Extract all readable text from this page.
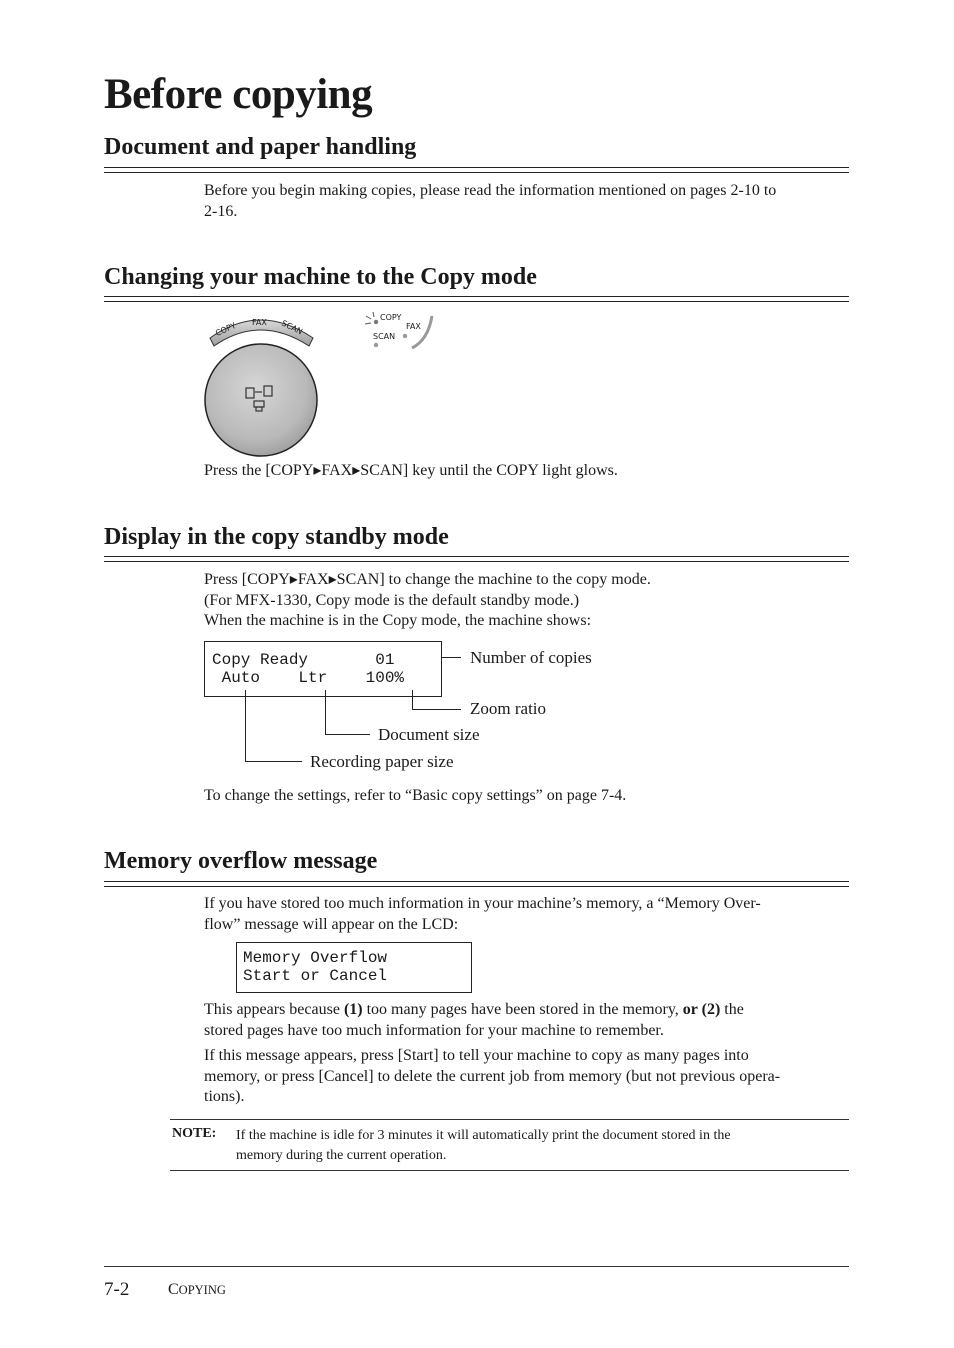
Before copying
Document and paper handling
Before you begin making copies, please read the information mentioned on pages 2-10 to
2-16.
Changing your machine to the Copy mode
COPY FAX SCAN
COPY
FAX
SCAN
Press the [COPY▸FAX▸SCAN] key until the COPY light glows.
Display in the copy standby mode
Press [COPY▸FAX▸SCAN] to change the machine to the copy mode.
(For MFX-1330, Copy mode is the default standby mode.)
When the machine is in the Copy mode, the machine shows:
Copy Ready       01
Auto    Ltr    100%
Number of copies
Zoom ratio
Document size
Recording paper size
To change the settings, refer to “Basic copy settings” on page 7-4.
Memory overflow message
If you have stored too much information in your machine’s memory, a “Memory Over-
flow” message will appear on the LCD:
Memory Overflow
Start or Cancel
This appears because (1) too many pages have been stored in the memory, or (2) the
stored pages have too much information for your machine to remember.
If this message appears, press [Start] to tell your machine to copy as many pages into
memory, or press [Cancel] to delete the current job from memory (but not previous opera-
tions).
NOTE: If the machine is idle for 3 minutes it will automatically print the document stored in the
memory during the current operation.
7-2 COPYING
